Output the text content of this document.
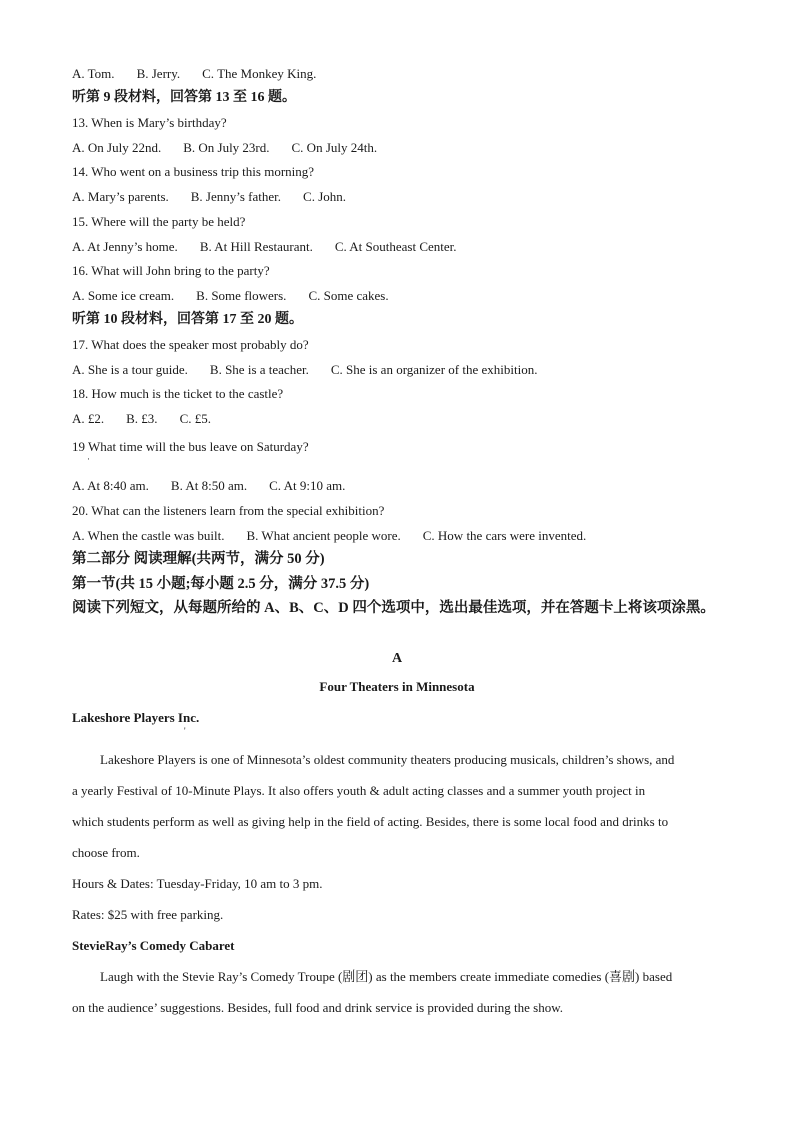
A. Tom. B. Jerry. C. The Monkey King.
听第 9 段材料，回答第 13 至 16 题。
13. When is Mary’s birthday?
A. On July 22nd. B. On July 23rd. C. On July 24th.
14. Who went on a business trip this morning?
A. Mary’s parents. B. Jenny’s father. C. John.
15. Where will the party be held?
A. At Jenny’s home. B. At Hill Restaurant. C. At Southeast Center.
16. What will John bring to the party?
A. Some ice cream. B. Some flowers. C. Some cakes.
听第 10 段材料，回答第 17 至 20 题。
17. What does the speaker most probably do?
A. She is a tour guide. B. She is a teacher. C. She is an organizer of the exhibition.
18. How much is the ticket to the castle?
A. £2. B. £3. C. £5.
19 What time will the bus leave on Saturday?
·
A. At 8:40 am. B. At 8:50 am. C. At 9:10 am.
20. What can the listeners learn from the special exhibition?
A. When the castle was built. B. What ancient people wore. C. How the cars were invented.
第二部分 阅读理解(共两节，满分 50 分)
第一节(共 15 小题;每小题 2.5 分，满分 37.5 分)
阅读下列短文，从每题所给的 A、B、C、D 四个选项中，选出最佳选项，并在答题卡上将该项涂黑。
A
Four Theaters in Minnesota
Lakeshore Players Inc.
'
Lakeshore Players is one of Minnesota’s oldest community theaters producing musicals, children’s shows, and
a yearly Festival of 10-Minute Plays. It also offers youth & adult acting classes and a summer youth project in
which students perform as well as giving help in the field of acting. Besides, there is some local food and drinks to
choose from.
Hours & Dates: Tuesday-Friday, 10 am to 3 pm.
Rates: $25 with free parking.
StevieRay’s Comedy Cabaret
Laugh with the Stevie Ray’s Comedy Troupe (剧团) as the members create immediate comedies (喜剧) based
on the audience’ suggestions. Besides, full food and drink service is provided during the show.
